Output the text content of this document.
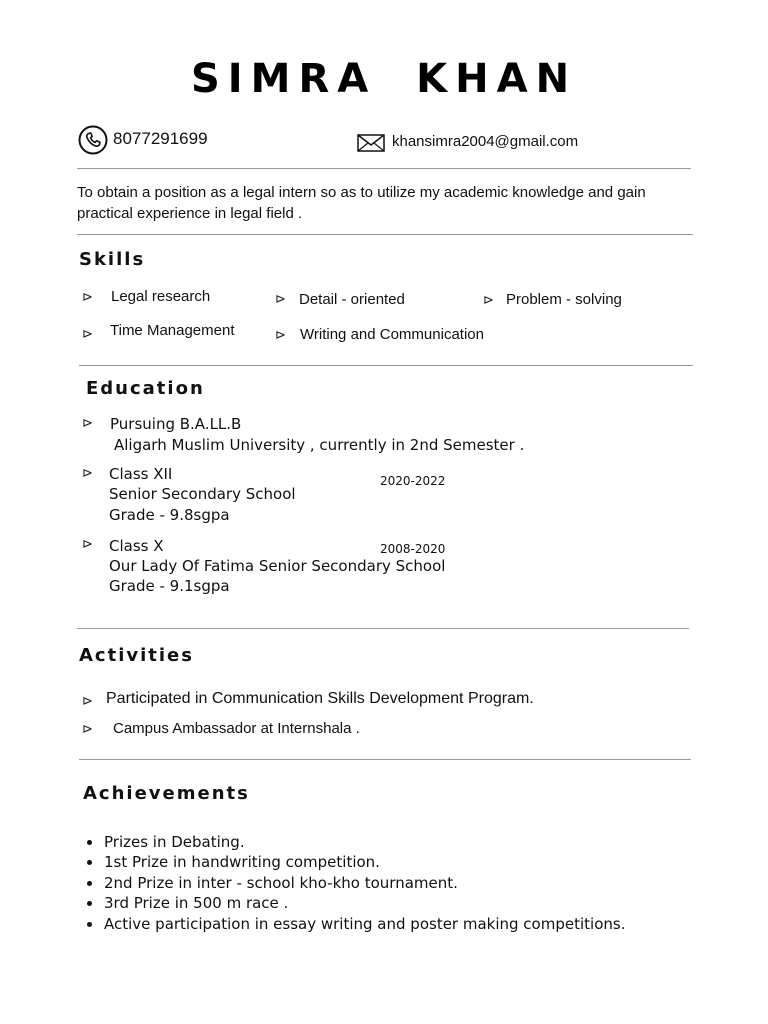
SIMRA KHAN
8077291699	khansimra2004@gmail.com
To obtain a position as a legal intern so as to utilize my academic knowledge and gain practical experience in legal field .
Skills
⊳ Legal research	⊳ Detail - oriented	⊳ Problem - solving
⊳ Time Management	⊳ Writing and Communication
Education
⊳ Pursuing B.A.LL.B
Aligarh Muslim University , currently in 2nd Semester .
⊳ Class XII
Senior Secondary School
Grade - 9.8sgpa
2020-2022
⊳ Class X
Our Lady Of Fatima Senior Secondary School
Grade - 9.1sgpa
2008-2020
Activities
⊳ Participated in Communication Skills Development Program.
⊳ Campus Ambassador at Internshala .
Achievements
Prizes in Debating.
1st Prize in handwriting competition.
2nd Prize in inter - school kho-kho tournament.
3rd Prize in 500 m race .
Active participation in essay writing and poster making competitions.
